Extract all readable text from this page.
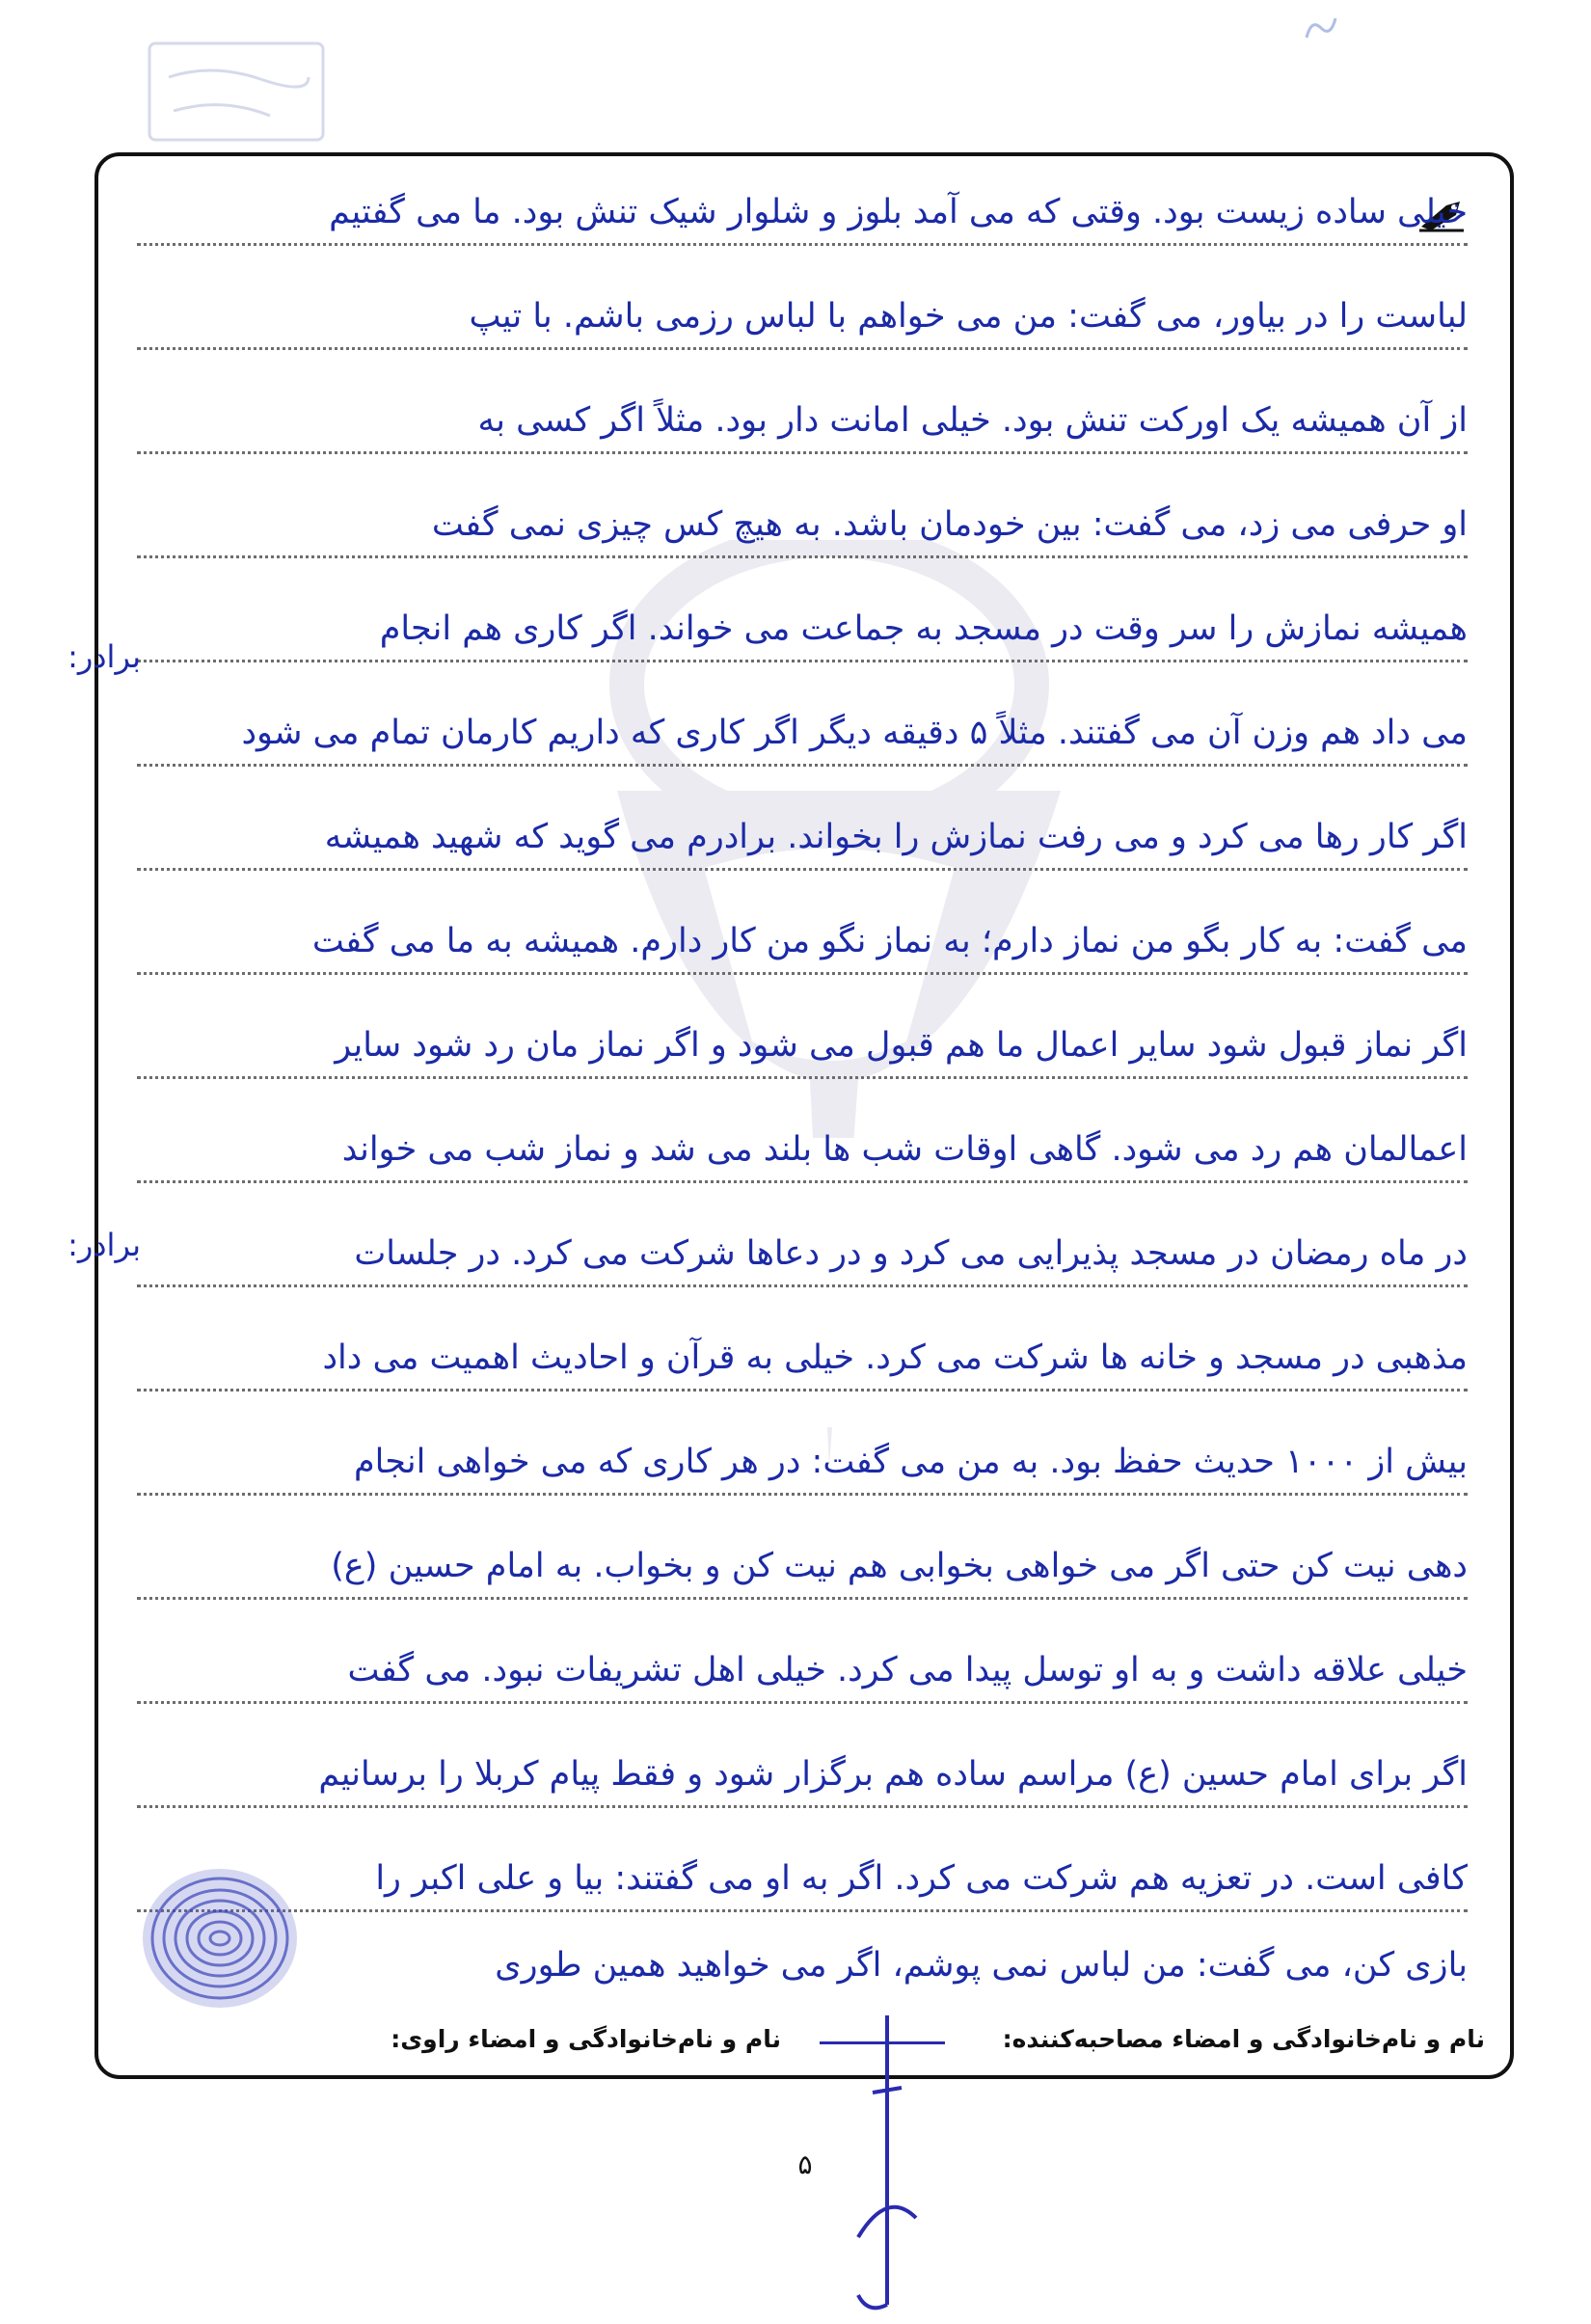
خیلی ساده زیست بود. وقتی که می آمد بلوز و شلوار شیک تنش بود. ما می گفتیم
لباست را در بیاور، می گفت: من می خواهم با لباس رزمی باشم. با تیپ
از آن همیشه یک اورکت تنش بود. خیلی امانت دار بود. مثلاً اگر کسی به
او حرفی می زد، می گفت: بین خودمان باشد. به هیچ کس چیزی نمی گفت
همیشه نمازش را سر وقت در مسجد به جماعت می خواند. اگر کاری هم انجام
می داد هم وزن آن می گفتند. مثلاً ۵ دقیقه دیگر اگر کاری که داریم کارمان تمام می شود
اگر کار رها می کرد و می رفت نمازش را بخواند. برادرم می گوید که شهید همیشه
می گفت: به کار بگو من نماز دارم؛ به نماز نگو من کار دارم. همیشه به ما می گفت
اگر نماز قبول شود سایر اعمال ما هم قبول می شود و اگر نماز مان رد شود سایر
اعمالمان هم رد می شود. گاهی اوقات شب ها بلند می شد و نماز شب می خواند
در ماه رمضان در مسجد پذیرایی می کرد و در دعاها شرکت می کرد. در جلسات
مذهبی در مسجد و خانه ها شرکت می کرد. خیلی به قرآن و احادیث اهمیت می داد
بیش از ۱۰۰۰ حدیث حفظ بود. به من می گفت: در هر کاری که می خواهی انجام
دهی نیت کن حتی اگر می خواهی بخوابی هم نیت کن و بخواب. به امام حسین (ع)
خیلی علاقه داشت و به او توسل پیدا می کرد. خیلی اهل تشریفات نبود. می گفت
اگر برای امام حسین (ع) مراسم ساده هم برگزار شود و فقط پیام کربلا را برسانیم
کافی است. در تعزیه هم شرکت می کرد. اگر به او می گفتند: بیا و علی اکبر را
بازی کن، می گفت: من لباس نمی پوشم، اگر می خواهید همین طوری
برادر:
برادر:
نام و نام‌خانوادگی و امضاء مصاحبه‌کننده:
نام و نام‌خانوادگی و امضاء راوی:
۵
